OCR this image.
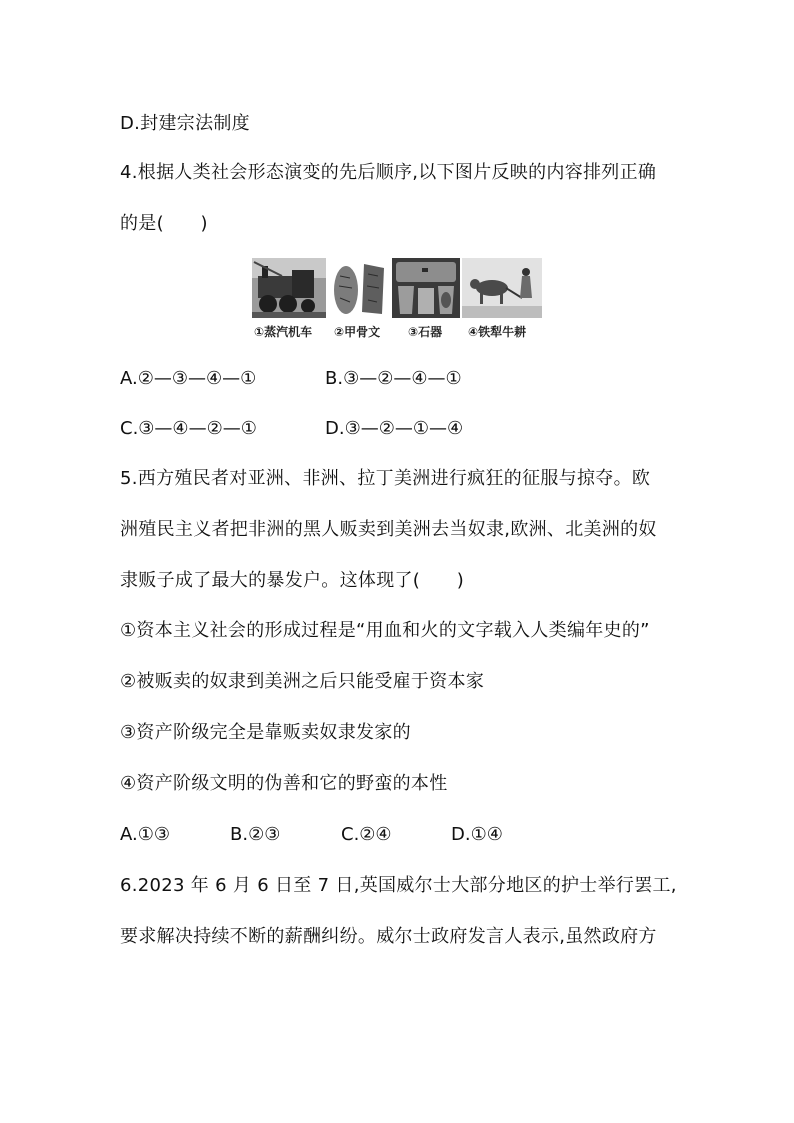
D.封建宗法制度
4.根据人类社会形态演变的先后顺序,以下图片反映的内容排列正确
的是(　　)
①蒸汽机车 ②甲骨文 ③石器 ④铁犁牛耕
A.②—③—④—①	B.③—②—④—①
C.③—④—②—①	D.③—②—①—④
5.西方殖民者对亚洲、非洲、拉丁美洲进行疯狂的征服与掠夺。欧
洲殖民主义者把非洲的黑人贩卖到美洲去当奴隶,欧洲、北美洲的奴
隶贩子成了最大的暴发户。这体现了(　　)
①资本主义社会的形成过程是“用血和火的文字载入人类编年史的”
②被贩卖的奴隶到美洲之后只能受雇于资本家
③资产阶级完全是靠贩卖奴隶发家的
④资产阶级文明的伪善和它的野蛮的本性
A.①③	B.②③	C.②④	D.①④
6.2023 年 6 月 6 日至 7 日,英国威尔士大部分地区的护士举行罢工,
要求解决持续不断的薪酬纠纷。威尔士政府发言人表示,虽然政府方
